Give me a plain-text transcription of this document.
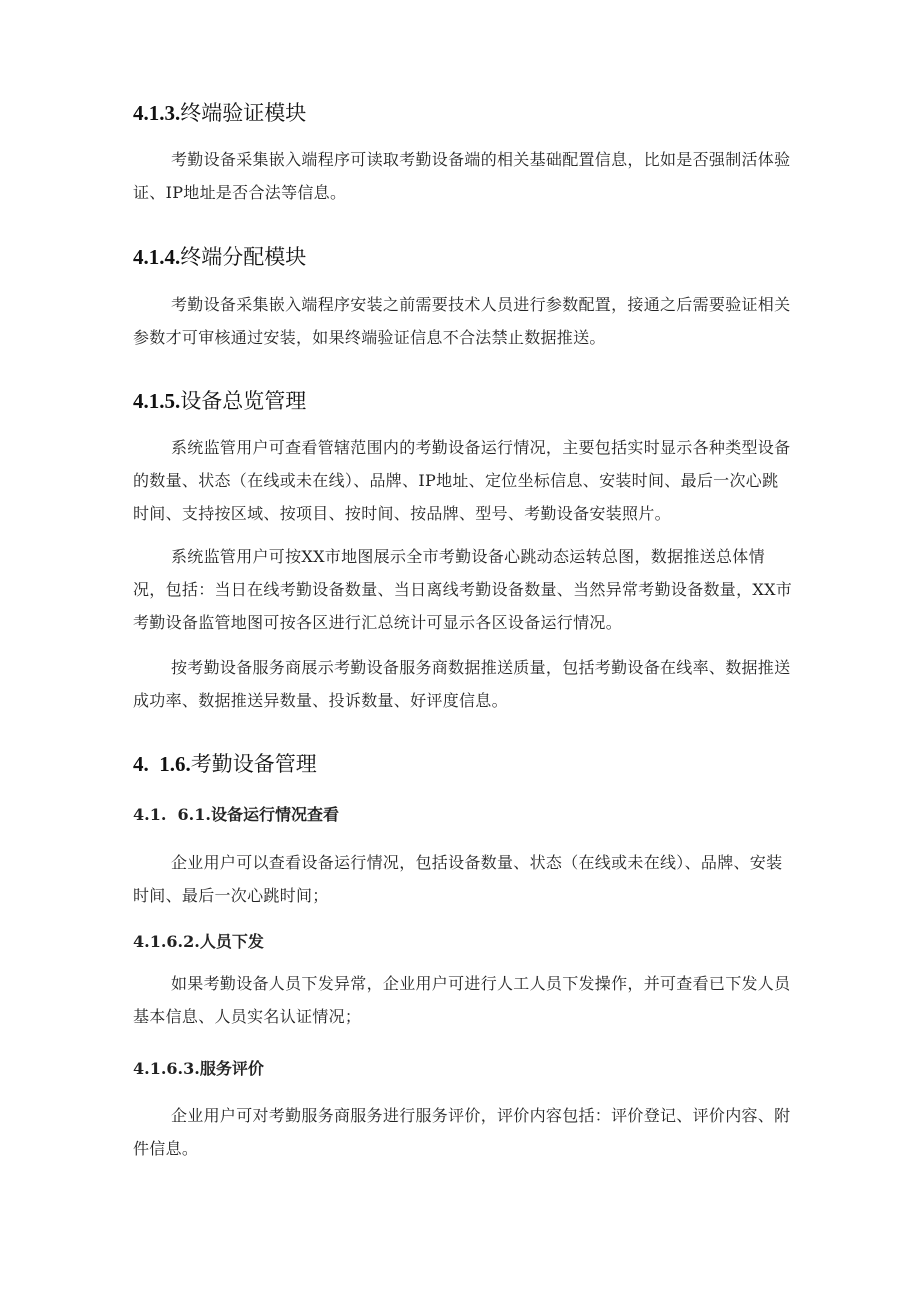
4.1.3.终端验证模块

考勤设备采集嵌入端程序可读取考勤设备端的相关基础配置信息，比如是否强制活体验证、IP地址是否合法等信息。

4.1.4.终端分配模块

考勤设备采集嵌入端程序安装之前需要技术人员进行参数配置，接通之后需要验证相关参数才可审核通过安装，如果终端验证信息不合法禁止数据推送。

4.1.5.设备总览管理

系统监管用户可查看管辖范围内的考勤设备运行情况，主要包括实时显示各种类型设备的数量、状态（在线或未在线）、品牌、IP地址、定位坐标信息、安装时间、最后一次心跳时间、支持按区域、按项目、按时间、按品牌、型号、考勤设备安装照片。

系统监管用户可按XX市地图展示全市考勤设备心跳动态运转总图，数据推送总体情况，包括：当日在线考勤设备数量、当日离线考勤设备数量、当然异常考勤设备数量，XX市考勤设备监管地图可按各区进行汇总统计可显示各区设备运行情况。

按考勤设备服务商展示考勤设备服务商数据推送质量，包括考勤设备在线率、数据推送成功率、数据推送异数量、投诉数量、好评度信息。

4.  1.6.考勤设备管理
4.1.  6.1.设备运行情况查看

企业用户可以查看设备运行情况，包括设备数量、状态（在线或未在线）、品牌、安装时间、最后一次心跳时间；

4.1.6.2.人员下发

如果考勤设备人员下发异常，企业用户可进行人工人员下发操作，并可查看已下发人员基本信息、人员实名认证情况；

4.1.6.3.服务评价

企业用户可对考勤服务商服务进行服务评价，评价内容包括：评价登记、评价内容、附件信息。
